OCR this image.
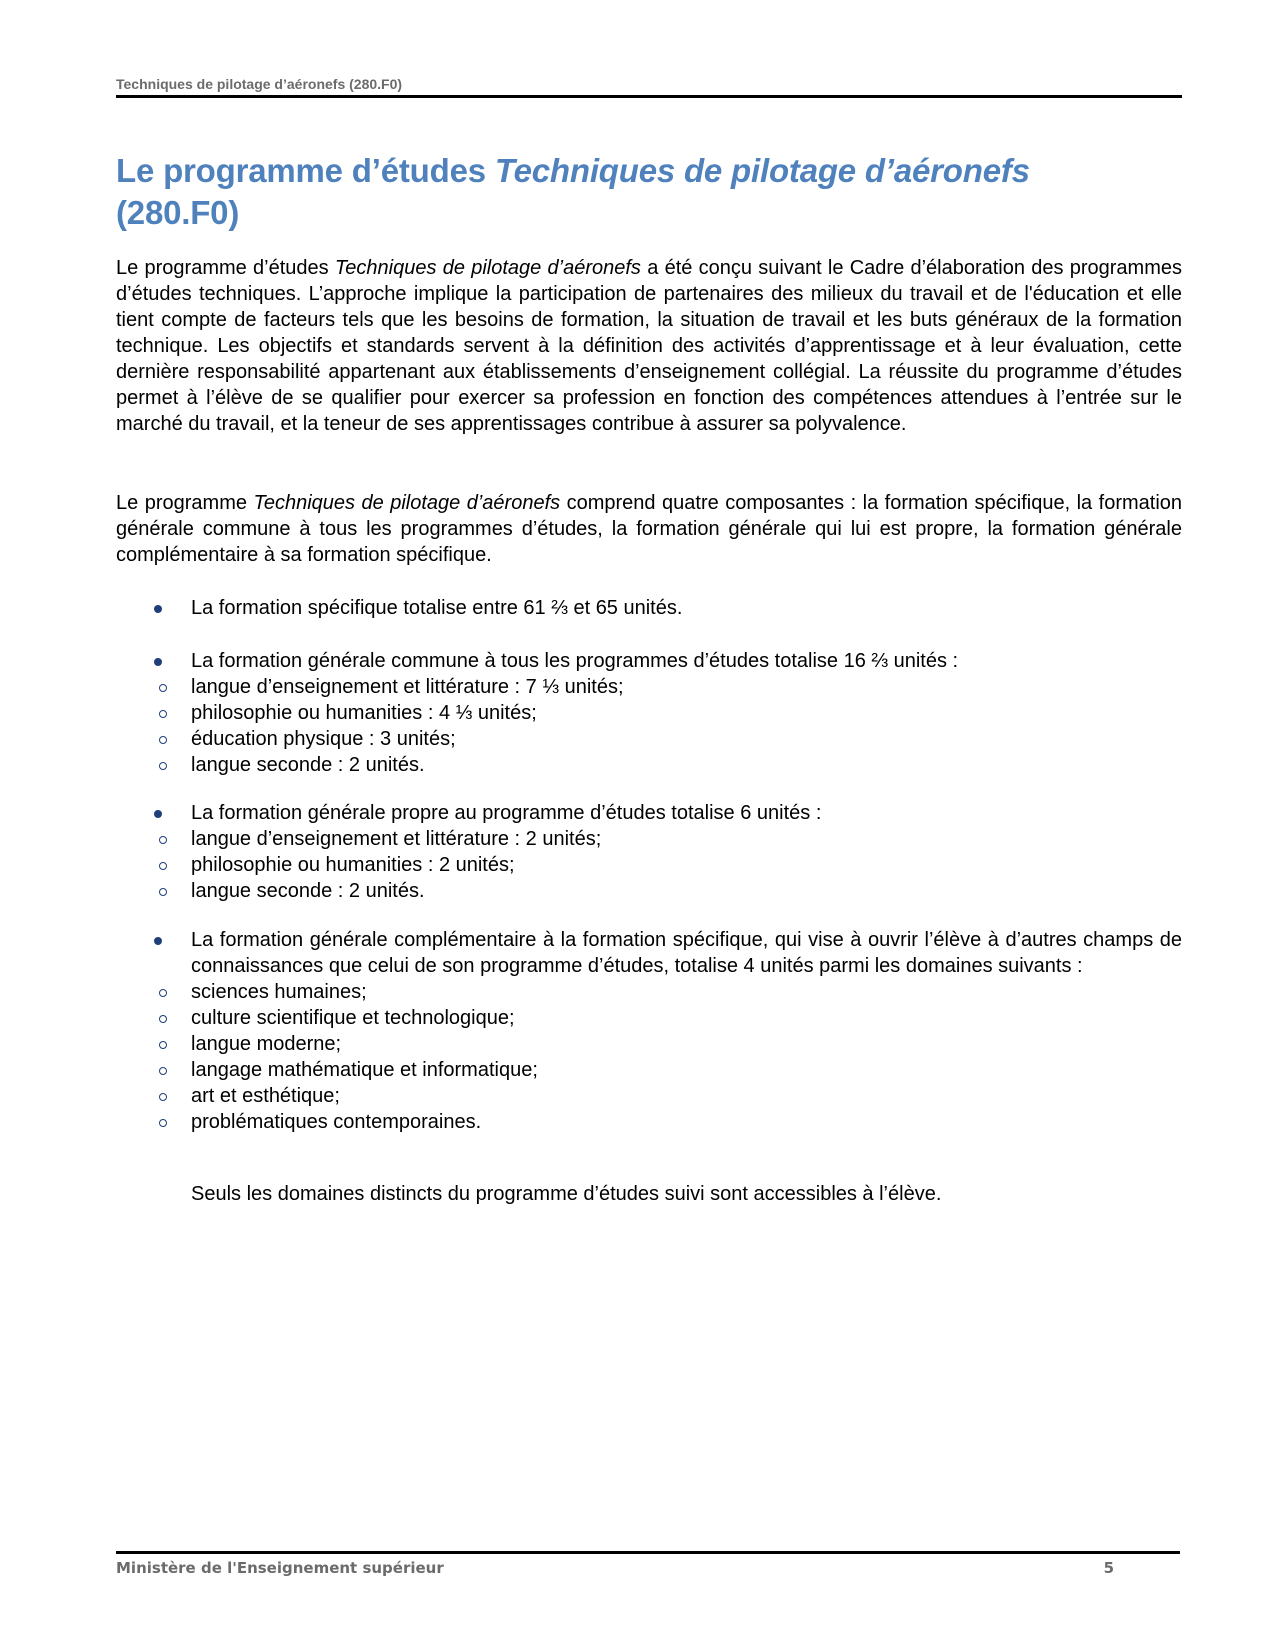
Techniques de pilotage d’aéronefs (280.F0)
Le programme d’études Techniques de pilotage d’aéronefs
(280.F0)

Le programme d’études Techniques de pilotage d’aéronefs a été conçu suivant le Cadre d’élaboration des programmes d’études techniques. L’approche implique la participation de partenaires des milieux du travail et de l'éducation et elle tient compte de facteurs tels que les besoins de formation, la situation de travail et les buts généraux de la formation technique. Les objectifs et standards servent à la définition des activités d’apprentissage et à leur évaluation, cette dernière responsabilité appartenant aux établissements d’enseignement collégial. La réussite du programme d’études permet à l’élève de se qualifier pour exercer sa profession en fonction des compétences attendues à l’entrée sur le marché du travail, et la teneur de ses apprentissages contribue à assurer sa polyvalence.

Le programme Techniques de pilotage d’aéronefs comprend quatre composantes : la formation spécifique, la formation générale commune à tous les programmes d’études, la formation générale qui lui est propre, la formation générale complémentaire à sa formation spécifique.

La formation spécifique totalise entre 61 ⅔ et 65 unités.
La formation générale commune à tous les programmes d’études totalise 16 ⅔ unités :
langue d’enseignement et littérature : 7 ⅓ unités;
philosophie ou humanities : 4 ⅓ unités;
éducation physique : 3 unités;
langue seconde : 2 unités.
La formation générale propre au programme d’études totalise 6 unités :
langue d’enseignement et littérature : 2 unités;
philosophie ou humanities : 2 unités;
langue seconde : 2 unités.
La formation générale complémentaire à la formation spécifique, qui vise à ouvrir l’élève à d’autres champs de connaissances que celui de son programme d’études, totalise 4 unités parmi les domaines suivants :
sciences humaines;
culture scientifique et technologique;
langue moderne;
langage mathématique et informatique;
art et esthétique;
problématiques contemporaines.

Seuls les domaines distincts du programme d’études suivi sont accessibles à l’élève.

Ministère de l'Enseignement supérieur	5
